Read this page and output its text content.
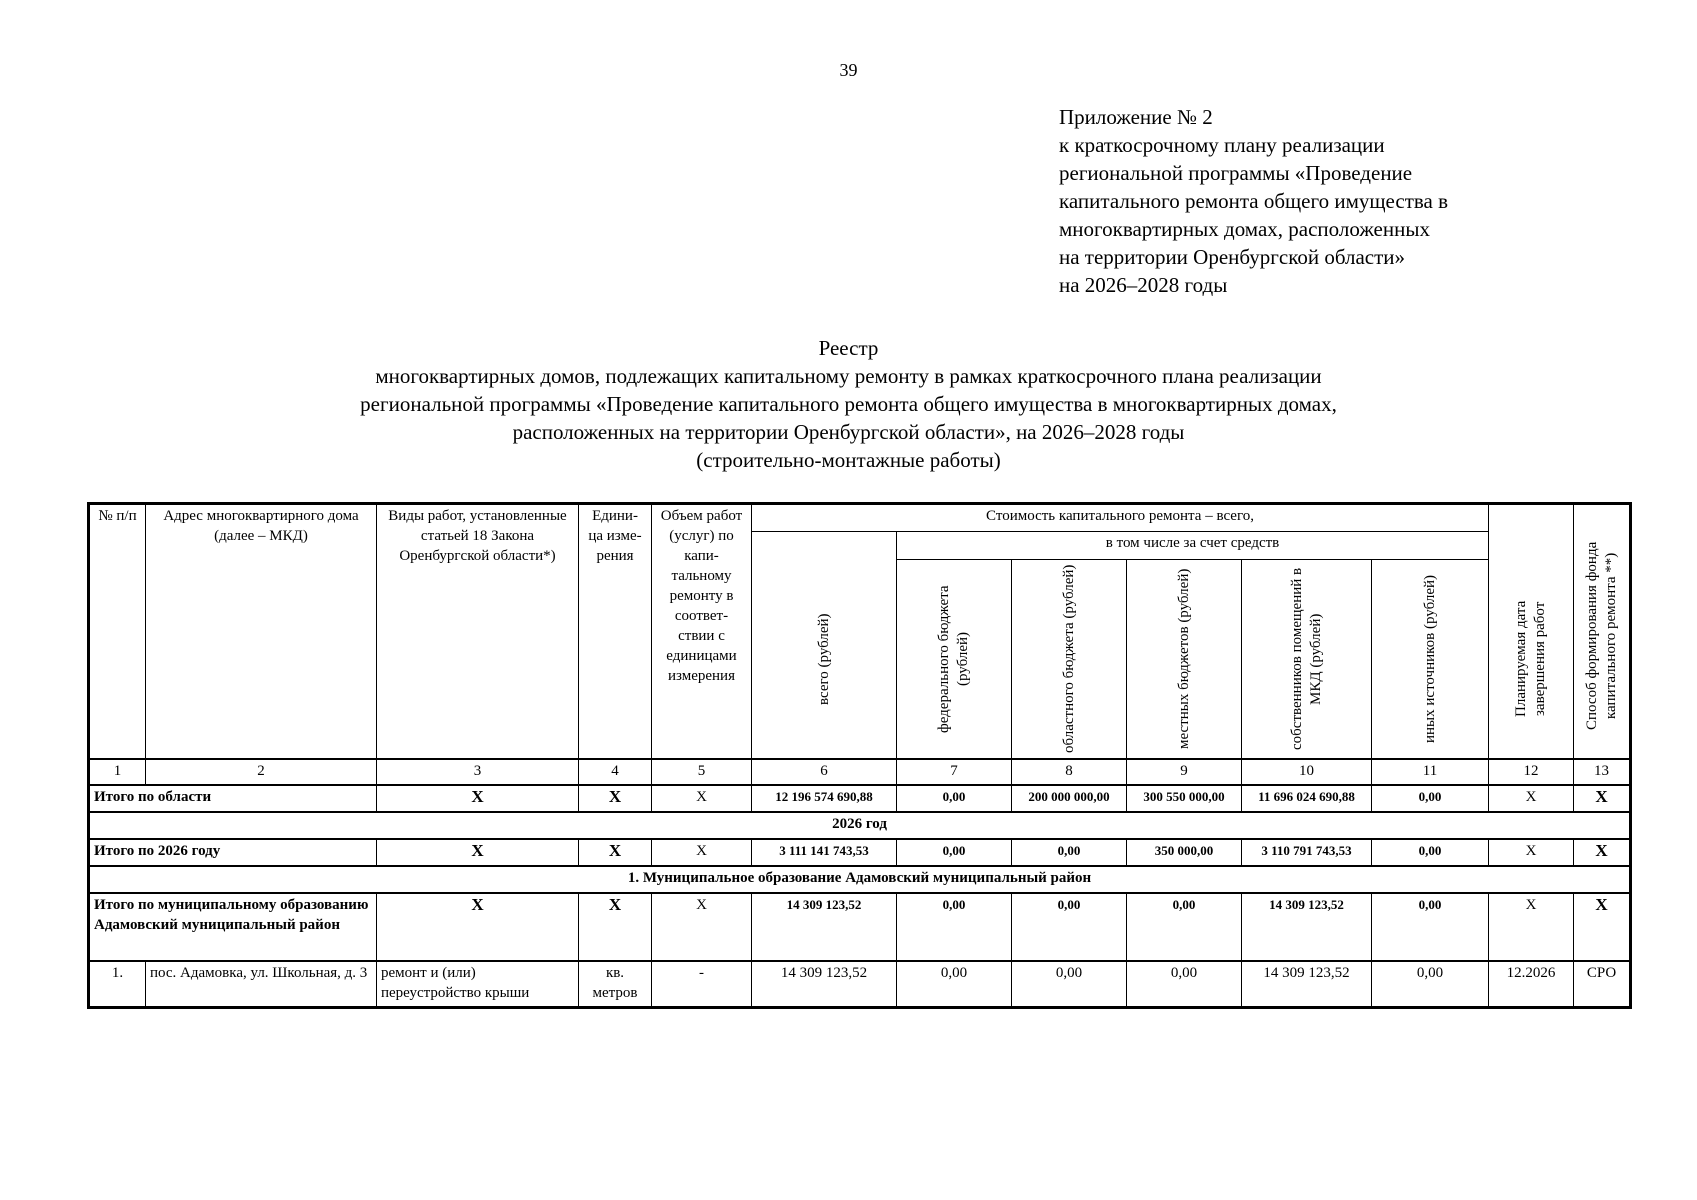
39
Приложение № 2
к краткосрочному плану реализации
региональной программы «Проведение
капитального ремонта общего имущества в
многоквартирных домах, расположенных
на территории Оренбургской области»
на 2026–2028 годы
Реестр
многоквартирных домов, подлежащих капитальному ремонту в рамках краткосрочного плана реализации
региональной программы «Проведение капитального ремонта общего имущества в многоквартирных домах,
расположенных на территории Оренбургской области», на 2026–2028 годы
(строительно-монтажные работы)
№ п/п	Адрес многоквартирного дома (далее – МКД)	Виды работ, установленные статьей 18 Закона Оренбургской области*)	Едини- ца изме- рения	Объем работ (услуг) по капи- тальному ремонту в соответ- ствии с единицами измерения	Стоимость капитального ремонта – всего,						Планируемая дата завершения работ	Способ формирования фонда капитального ремонта **)

					всего (рублей)	в том числе за счет средств						

						федерального бюджета (рублей)	областного бюджета (рублей)	местных бюджетов (рублей)	собственников помещений в МКД (рублей)	иных источников (рублей)		

1	2	3	4	5	6	7	8	9	10	11	12	13
Итого по области		X	X	X	12 196 574 690,88	0,00	200 000 000,00	300 550 000,00	11 696 024 690,88	0,00	X	X
2026 год												
Итого по 2026 году		X	X	X	3 111 141 743,53	0,00	0,00	350 000,00	3 110 791 743,53	0,00	X	X
1. Муниципальное образование Адамовский муниципальный район												
Итого по муниципальному образованию Адамовский муниципальный район		X	X	X	14 309 123,52	0,00	0,00	0,00	14 309 123,52	0,00	X	X
1.	пос. Адамовка, ул. Школьная, д. 3	ремонт и (или) переустройство крыши	кв. метров	-	14 309 123,52	0,00	0,00	0,00	14 309 123,52	0,00	12.2026	СРО
